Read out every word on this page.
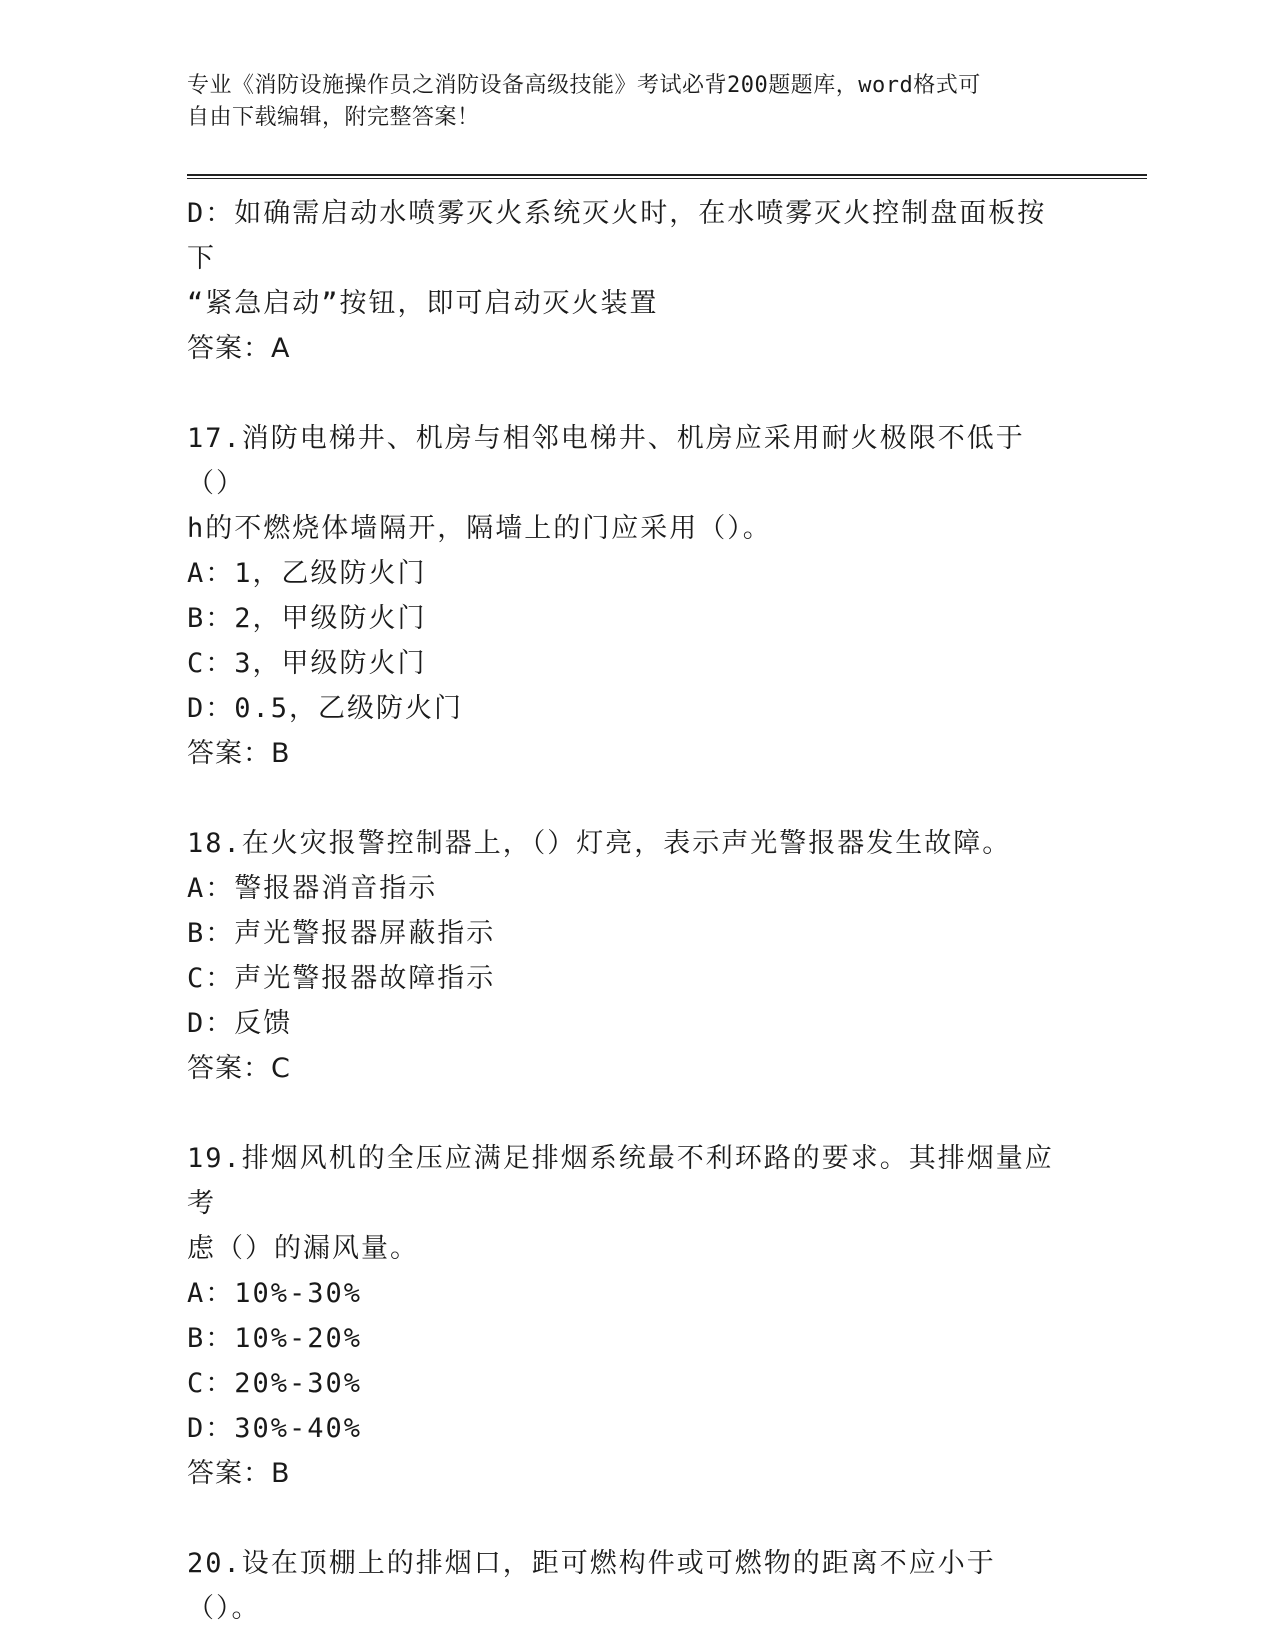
专业《消防设施操作员之消防设备高级技能》考试必背200题题库，word格式可
自由下载编辑，附完整答案！
D：如确需启动水喷雾灭火系统灭火时，在水喷雾灭火控制盘面板按下
“紧急启动”按钮，即可启动灭火装置
答案：A
17.消防电梯井、机房与相邻电梯井、机房应采用耐火极限不低于（）
h的不燃烧体墙隔开，隔墙上的门应采用（）。
A：1，乙级防火门
B：2，甲级防火门
C：3，甲级防火门
D：0.5，乙级防火门
答案：B
18.在火灾报警控制器上，（）灯亮，表示声光警报器发生故障。
A：警报器消音指示
B：声光警报器屏蔽指示
C：声光警报器故障指示
D：反馈
答案：C
19.排烟风机的全压应满足排烟系统最不利环路的要求。其排烟量应考
虑（）的漏风量。
A：10%-30%
B：10%-20%
C：20%-30%
D：30%-40%
答案：B
20.设在顶棚上的排烟口，距可燃构件或可燃物的距离不应小于（）。
